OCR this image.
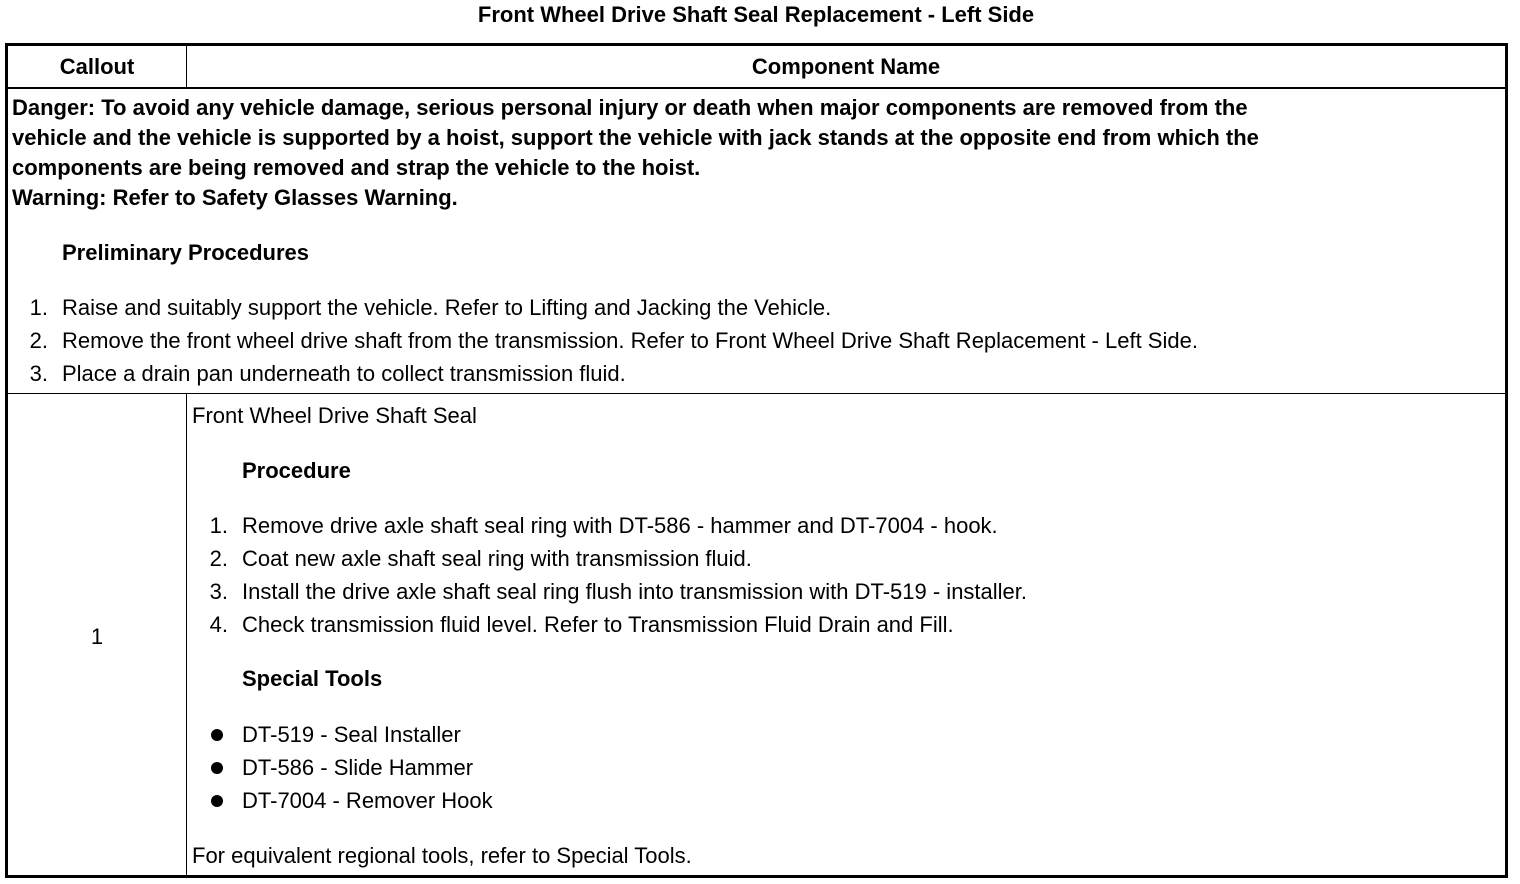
Front Wheel Drive Shaft Seal Replacement - Left Side
Callout	Component Name
Danger: To avoid any vehicle damage, serious personal injury or death when major components are removed from the
vehicle and the vehicle is supported by a hoist, support the vehicle with jack stands at the opposite end from which the
components are being removed and strap the vehicle to the hoist.
Warning: Refer to Safety Glasses Warning.
Preliminary Procedures
1. Raise and suitably support the vehicle. Refer to Lifting and Jacking the Vehicle.
2. Remove the front wheel drive shaft from the transmission. Refer to Front Wheel Drive Shaft Replacement - Left Side.
3. Place a drain pan underneath to collect transmission fluid.
1
Front Wheel Drive Shaft Seal
Procedure
1. Remove drive axle shaft seal ring with DT-586 - hammer and DT-7004 - hook.
2. Coat new axle shaft seal ring with transmission fluid.
3. Install the drive axle shaft seal ring flush into transmission with DT-519 - installer.
4. Check transmission fluid level. Refer to Transmission Fluid Drain and Fill.
Special Tools
DT-519 - Seal Installer
DT-586 - Slide Hammer
DT-7004 - Remover Hook
For equivalent regional tools, refer to Special Tools.
